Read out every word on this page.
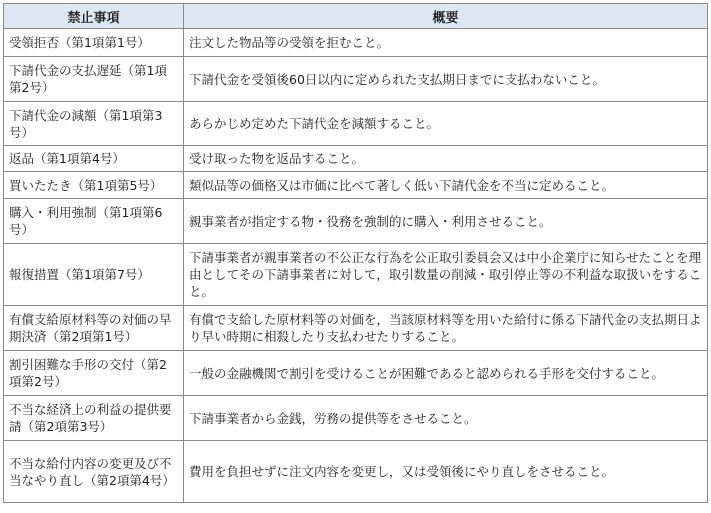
禁止事項	概要
受領拒否（第1項第1号）	注文した物品等の受領を拒むこと。
下請代金の支払遅延（第1項第2号）	下請代金を受領後60日以内に定められた支払期日までに支払わないこと。
下請代金の減額（第1項第3号）	あらかじめ定めた下請代金を減額すること。
返品（第1項第4号）	受け取った物を返品すること。
買いたたき（第1項第5号）	類似品等の価格又は市価に比べて著しく低い下請代金を不当に定めること。
購入・利用強制（第1項第6号）	親事業者が指定する物・役務を強制的に購入・利用させること。
報復措置（第1項第7号）	下請事業者が親事業者の不公正な行為を公正取引委員会又は中小企業庁に知らせたことを理由としてその下請事業者に対して，取引数量の削減・取引停止等の不利益な取扱いをすること。
有償支給原材料等の対価の早期決済（第2項第1号）	有償で支給した原材料等の対価を，当該原材料等を用いた給付に係る下請代金の支払期日より早い時期に相殺したり支払わせたりすること。
割引困難な手形の交付（第2項第2号）	一般の金融機関で割引を受けることが困難であると認められる手形を交付すること。
不当な経済上の利益の提供要請（第2項第3号）	下請事業者から金銭，労務の提供等をさせること。
不当な給付内容の変更及び不当なやり直し（第2項第4号）	費用を負担せずに注文内容を変更し，又は受領後にやり直しをさせること。
